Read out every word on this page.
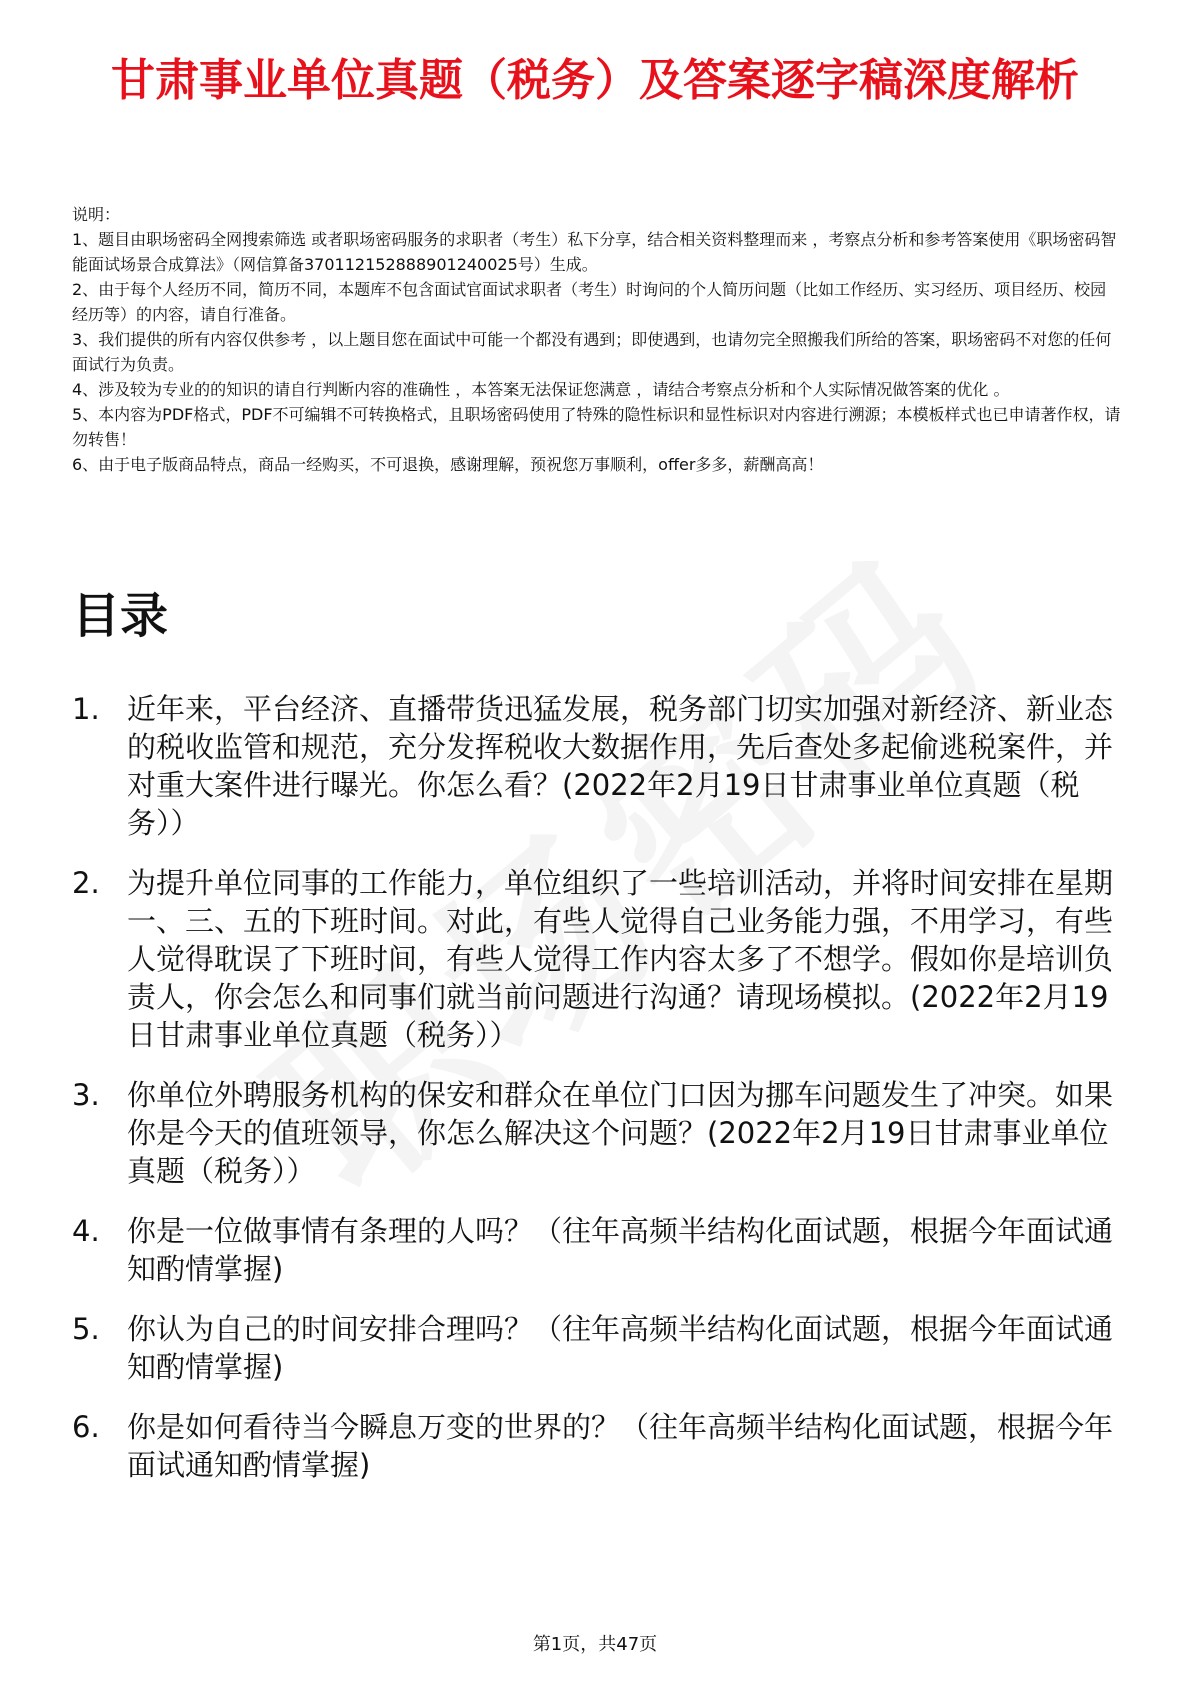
甘肃事业单位真题（税务）及答案逐字稿深度解析
说明：
1、题目由职场密码全网搜索筛选 或者职场密码服务的求职者（考生）私下分享，结合相关资料整理而来 ，考察点分析和参考答案使用《职场密码智能面试场景合成算法》（网信算备370112152888901240025号）生成。
2、由于每个人经历不同，简历不同，本题库不包含面试官面试求职者（考生）时询问的个人简历问题（比如工作经历、实习经历、项目经历、校园经历等）的内容，请自行准备。
3、我们提供的所有内容仅供参考 ，以上题目您在面试中可能一个都没有遇到；即使遇到，也请勿完全照搬我们所给的答案，职场密码不对您的任何面试行为负责。
4、涉及较为专业的的知识的请自行判断内容的准确性 ，本答案无法保证您满意 ，请结合考察点分析和个人实际情况做答案的优化 。
5、本内容为PDF格式，PDF不可编辑不可转换格式，且职场密码使用了特殊的隐性标识和显性标识对内容进行溯源；本模板样式也已申请著作权，请勿转售！
6、由于电子版商品特点，商品一经购买，不可退换，感谢理解，预祝您万事顺利，offer多多，薪酬高高！
目录
1. 近年来，平台经济、直播带货迅猛发展，税务部门切实加强对新经济、新业态的税收监管和规范，充分发挥税收大数据作用，先后查处多起偷逃税案件，并对重大案件进行曝光。你怎么看？(2022年2月19日甘肃事业单位真题（税务））
2. 为提升单位同事的工作能力，单位组织了一些培训活动，并将时间安排在星期一、三、五的下班时间。对此，有些人觉得自己业务能力强，不用学习，有些人觉得耽误了下班时间，有些人觉得工作内容太多了不想学。假如你是培训负责人，你会怎么和同事们就当前问题进行沟通？请现场模拟。(2022年2月19日甘肃事业单位真题（税务））
3. 你单位外聘服务机构的保安和群众在单位门口因为挪车问题发生了冲突。如果你是今天的值班领导，你怎么解决这个问题？(2022年2月19日甘肃事业单位真题（税务））
4. 你是一位做事情有条理的人吗？（往年高频半结构化面试题，根据今年面试通知酌情掌握)
5. 你认为自己的时间安排合理吗？（往年高频半结构化面试题，根据今年面试通知酌情掌握)
6. 你是如何看待当今瞬息万变的世界的？（往年高频半结构化面试题，根据今年面试通知酌情掌握)
第1页，共47页
